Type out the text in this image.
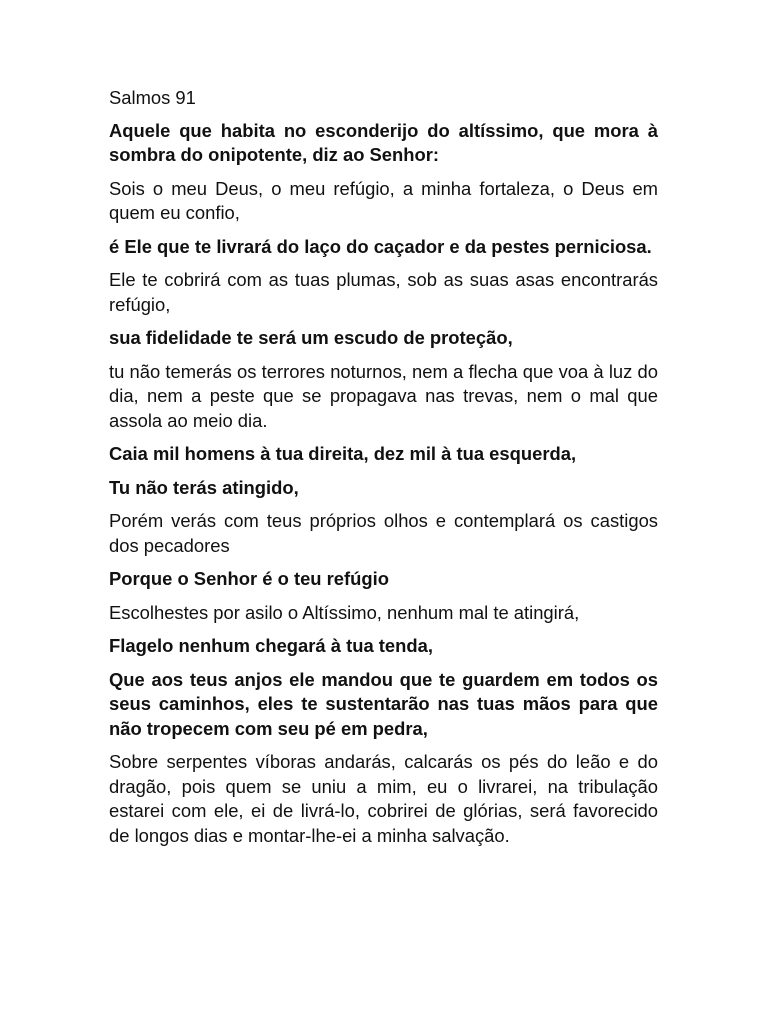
Salmos 91
Aquele que habita no esconderijo do altíssimo, que mora à sombra do onipotente, diz ao Senhor:
Sois o meu Deus, o meu refúgio, a minha fortaleza, o Deus em quem eu confio,
é Ele que te livrará do laço do caçador e da pestes perniciosa.
Ele te cobrirá com as tuas plumas, sob as suas asas encontrarás refúgio,
sua fidelidade te será um escudo de proteção,
tu não temerás os terrores noturnos, nem a flecha que voa à luz do dia, nem a peste que se propagava nas trevas, nem o mal que assola ao meio dia.
Caia mil homens à tua direita, dez mil à tua esquerda,
Tu não terás atingido,
Porém verás com teus próprios olhos e contemplará os castigos dos pecadores
Porque o Senhor é o teu refúgio
Escolhestes por asilo o Altíssimo, nenhum mal te atingirá,
Flagelo nenhum chegará à tua tenda,
Que aos teus anjos ele mandou que te guardem em todos os seus caminhos, eles te sustentarão nas tuas mãos para que não tropecem com seu pé em pedra,
Sobre serpentes víboras andarás, calcarás os pés do leão e do dragão, pois quem se uniu a mim, eu o livrarei, na tribulação estarei com ele, ei de livrá-lo, cobrirei de glórias, será favorecido de longos dias e montar-lhe-ei a minha salvação.
